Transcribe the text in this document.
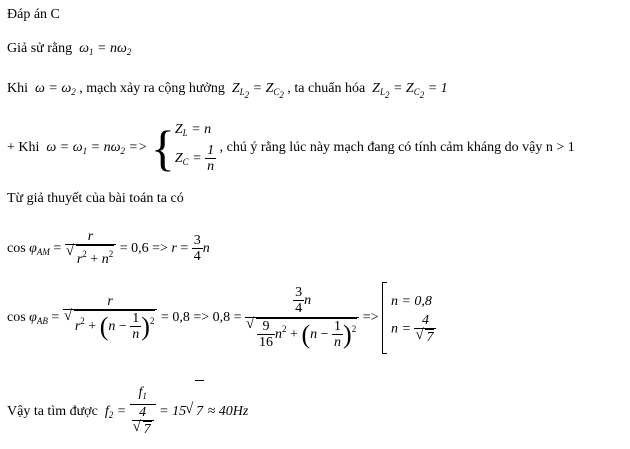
Đáp án C
Giả sử rằng $\omega_1 = n\omega_2$
Khi $\omega = \omega_2$ , mạch xảy ra cộng hưởng $Z_{L_2} = Z_{C_2}$ , ta chuẩn hóa $Z_{L_2} = Z_{C_2} = 1$
+ Khi $\omega = \omega_1 = n\omega_2$ => { $Z_L = n$
$Z_C = \frac{1}{n}$ , chú ý rằng lúc này mạch đang có tính cảm kháng do vậy n > 1
Từ giả thuyết của bài toán ta có
$\cos \varphi_{AM} = r$
√ $r^2 + n^2 = 0,6 => r = \frac{3}{4}$ n
$\cos \varphi_{AB} = r$
√ $r^2 + (n - \frac{1}{n} )^2 = 0,8 => 0,8 = \frac{3}{4}$ n
√ $\frac{9}{16} n^2 + (n - \frac{1}{n} )^2$ =>
n = 0,8
n = 4
√ 7
Vậy ta tìm được $f_2 = f_1$
4
√ 7 = 15√ 7 ≈ 40Hz
